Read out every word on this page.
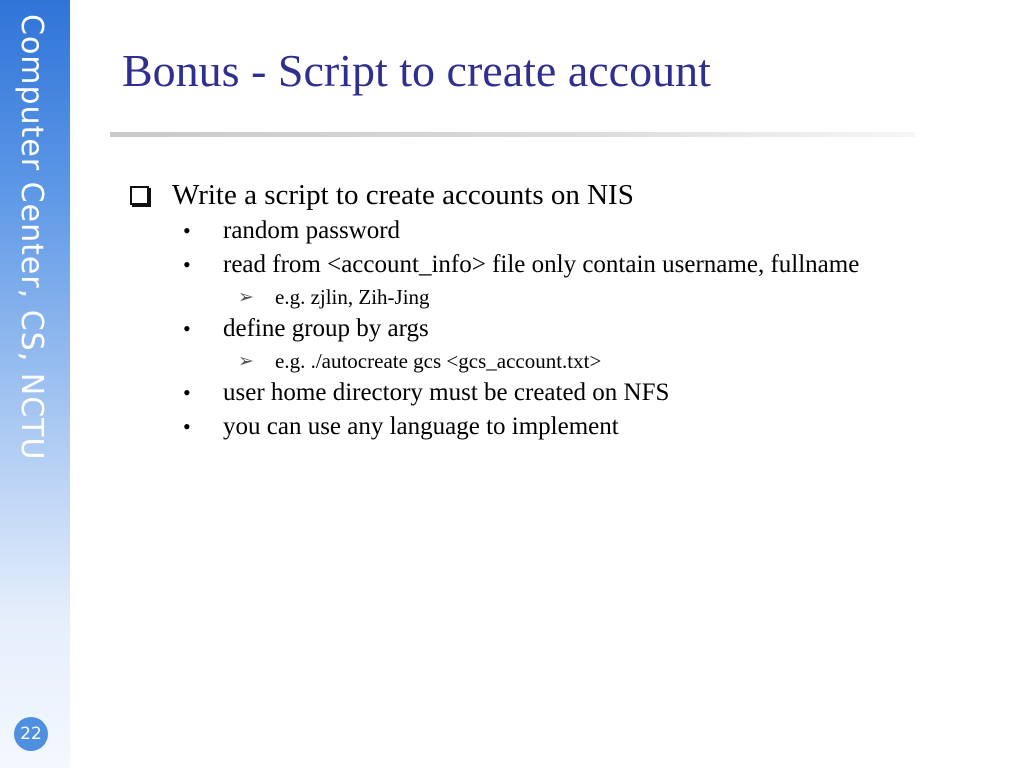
Computer Center, CS, NCTU
22
Bonus - Script to create account
Write a script to create accounts on NIS
• random password
• read from <account_info> file only contain username, fullname
➢ e.g. zjlin, Zih-Jing
• define group by args
➢ e.g. ./autocreate gcs <gcs_account.txt>
• user home directory must be created on NFS
• you can use any language to implement
